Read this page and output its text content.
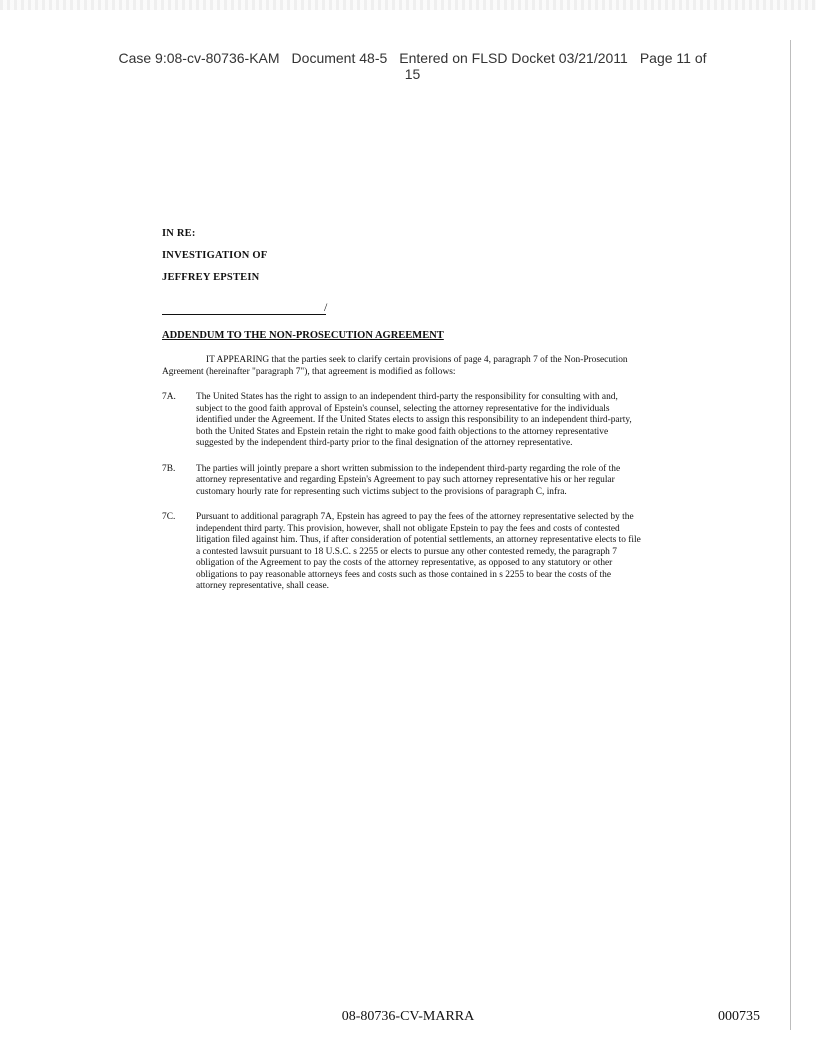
Case 9:08-cv-80736-KAM Document 48-5 Entered on FLSD Docket 03/21/2011 Page 11 of
15
IN RE:
INVESTIGATION OF
JEFFREY EPSTEIN
/
ADDENDUM TO THE NON-PROSECUTION AGREEMENT
IT APPEARING that the parties seek to clarify certain provisions of page 4, paragraph 7 of the Non-Prosecution Agreement (hereinafter "paragraph 7"), that agreement is modified as follows:
7A.	The United States has the right to assign to an independent third-party the responsibility for consulting with and, subject to the good faith approval of Epstein's counsel, selecting the attorney representative for the individuals identified under the Agreement. If the United States elects to assign this responsibility to an independent third-party, both the United States and Epstein retain the right to make good faith objections to the attorney representative suggested by the independent third-party prior to the final designation of the attorney representative.
7B.	The parties will jointly prepare a short written submission to the independent third-party regarding the role of the attorney representative and regarding Epstein's Agreement to pay such attorney representative his or her regular customary hourly rate for representing such victims subject to the provisions of paragraph C, infra.
7C.	Pursuant to additional paragraph 7A, Epstein has agreed to pay the fees of the attorney representative selected by the independent third party. This provision, however, shall not obligate Epstein to pay the fees and costs of contested litigation filed against him. Thus, if after consideration of potential settlements, an attorney representative elects to file a contested lawsuit pursuant to 18 U.S.C. s 2255 or elects to pursue any other contested remedy, the paragraph 7 obligation of the Agreement to pay the costs of the attorney representative, as opposed to any statutory or other obligations to pay reasonable attorneys fees and costs such as those contained in s 2255 to bear the costs of the attorney representative, shall cease.
08-80736-CV-MARRA	000735
